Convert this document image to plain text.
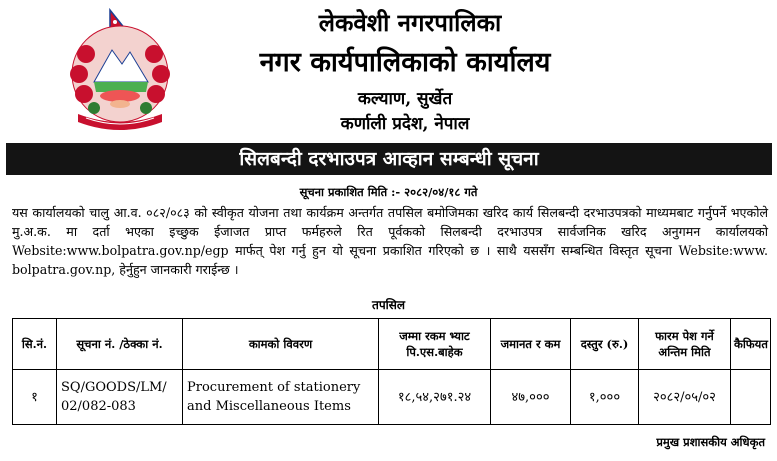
लेकवेशी नगरपालिका
नगर कार्यपालिकाको कार्यालय
कल्याण, सुर्खेत
कर्णाली प्रदेश, नेपाल
सिलबन्दी दरभाउपत्र आव्हान सम्बन्धी सूचना
सूचना प्रकाशित मिति :- २०८२/०४/१८ गते
यस कार्यालयको चालु आ.व. ०८२/०८३ को स्वीकृत योजना तथा कार्यक्रम अन्तर्गत तपसिल बमोजिमका खरिद कार्य सिलबन्दी दरभाउपत्रको माध्यमबाट गर्नुपर्ने भएकोले मु.अ.क. मा दर्ता भएका इच्छुक ईजाजत प्राप्त फर्महरुले रित पूर्वकको सिलबन्दी दरभाउपत्र सार्वजनिक खरिद अनुगमन कार्यालयको Website:www.bolpatra.gov.np/egp मार्फत् पेश गर्नु हुन यो सूचना प्रकाशित गरिएको छ । साथै यससँग सम्बन्धित विस्तृत सूचना Website:www. bolpatra.gov.np, हेर्नुहुन जानकारी गराईन्छ ।
तपसिल
सि.नं.	सूचना नं. /ठेक्का नं.	कामको विवरण	जम्मा रकम भ्याट पि.एस.बाहेक	जमानत र कम	दस्तुर (रु.)	फारम पेश गर्ने अन्तिम मिति	कैफियत
१	SQ/GOODS/LM/ 02/082-083	Procurement of stationery and Miscellaneous Items	१८,५४,२७१.२४	४७,०००	१,०००	२०८२/०५/०२	
प्रमुख प्रशासकीय अधिकृत
